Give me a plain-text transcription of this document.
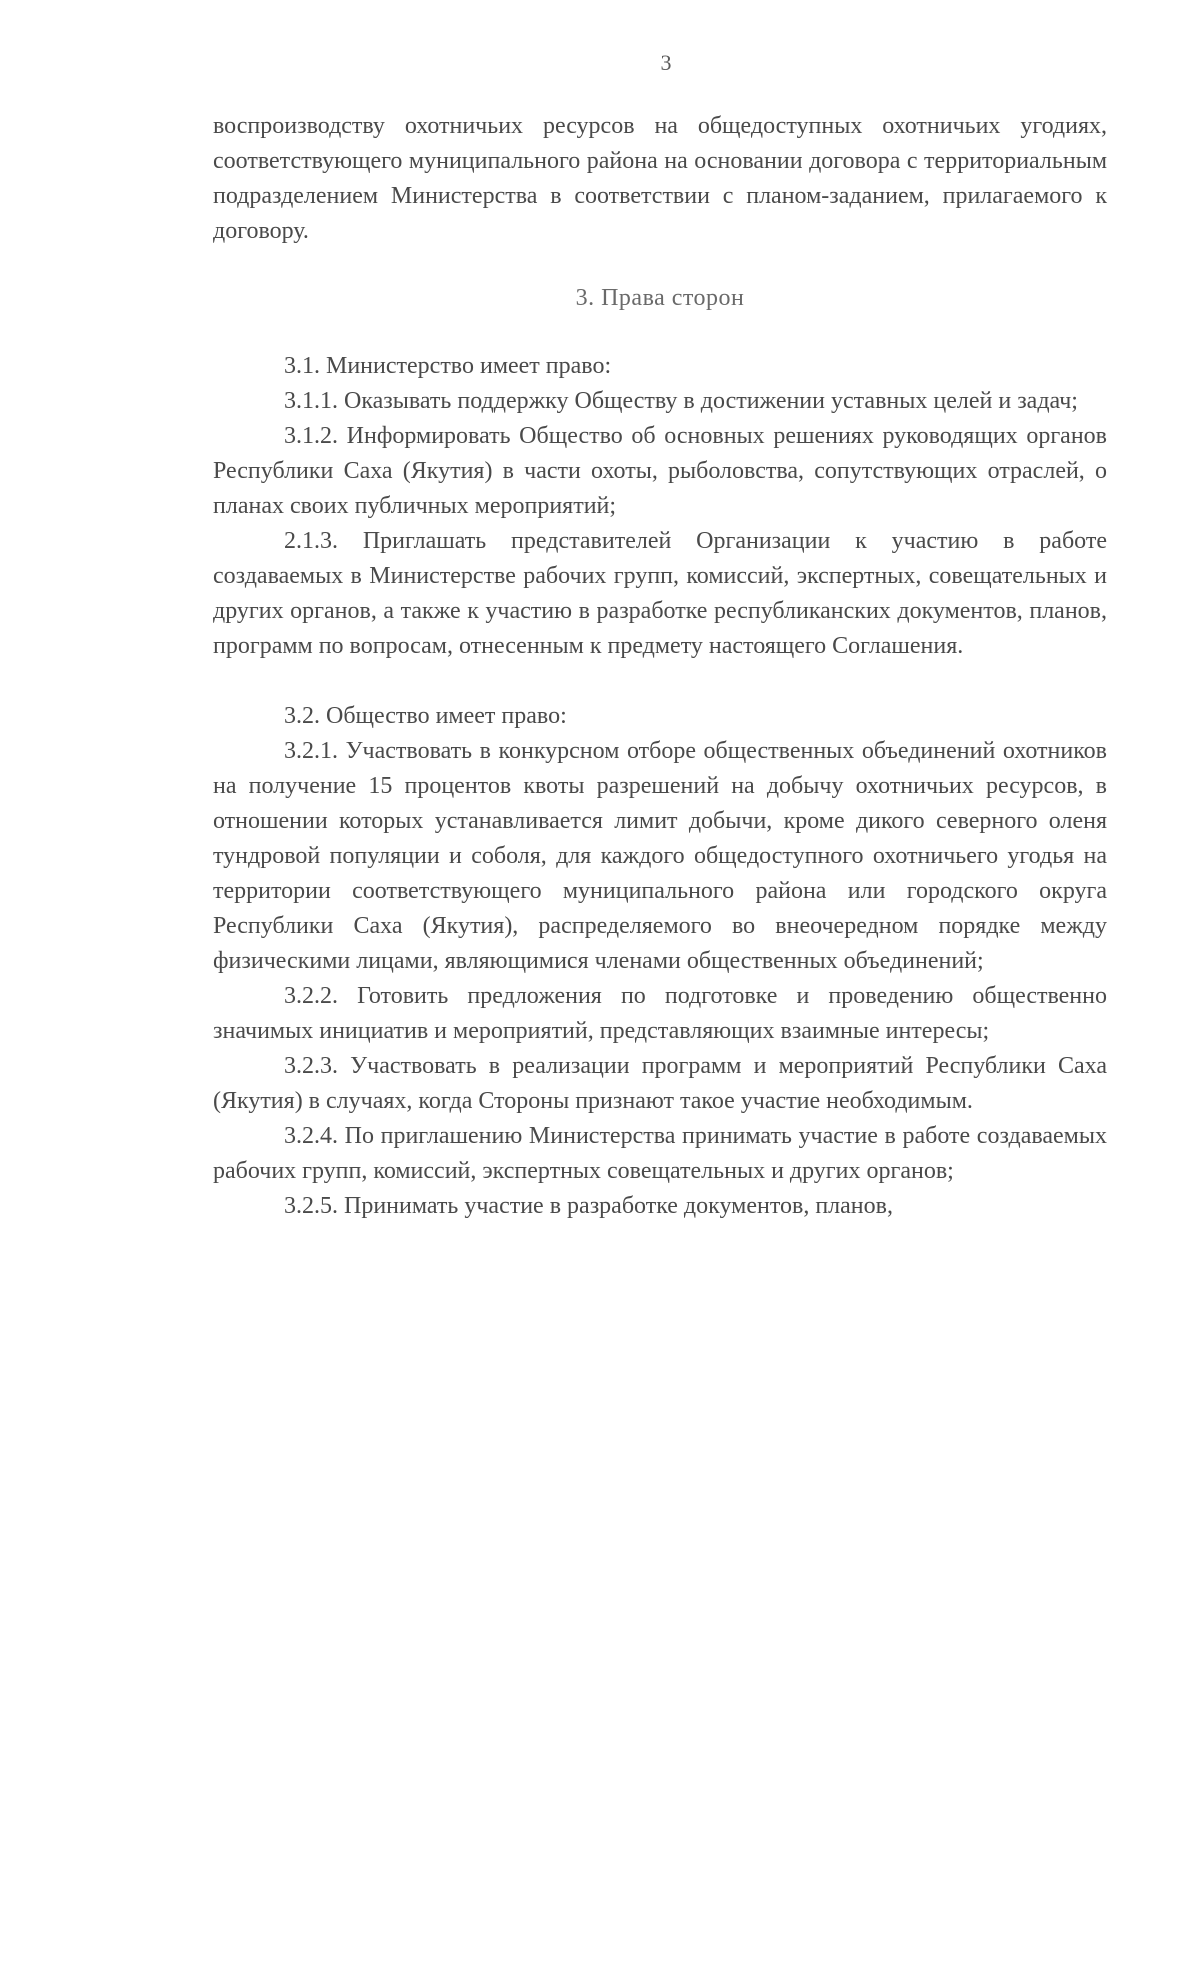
3

воспроизводству охотничьих ресурсов на общедоступных охотничьих угодиях, соответствующего муниципального района на основании договора с территориальным подразделением Министерства в соответствии с планом-заданием, прилагаемого к договору.

3. Права сторон

3.1. Министерство имеет право:

3.1.1. Оказывать поддержку Обществу в достижении уставных целей и задач;

3.1.2. Информировать Общество об основных решениях руководящих органов Республики Саха (Якутия) в части охоты, рыболовства, сопутствующих отраслей, о планах своих публичных мероприятий;

2.1.3. Приглашать представителей Организации к участию в работе создаваемых в Министерстве рабочих групп, комиссий, экспертных, совещательных и других органов, а также к участию в разработке республиканских документов, планов, программ по вопросам, отнесенным к предмету настоящего Соглашения.

3.2. Общество имеет право:

3.2.1. Участвовать в конкурсном отборе общественных объединений охотников на получение 15 процентов квоты разрешений на добычу охотничьих ресурсов, в отношении которых устанавливается лимит добычи, кроме дикого северного оленя тундровой популяции и соболя, для каждого общедоступного охотничьего угодья на территории соответствующего муниципального района или городского округа Республики Саха (Якутия), распределяемого во внеочередном порядке между физическими лицами, являющимися членами общественных объединений;

3.2.2. Готовить предложения по подготовке и проведению общественно значимых инициатив и мероприятий, представляющих взаимные интересы;

3.2.3. Участвовать в реализации программ и мероприятий Республики Саха (Якутия) в случаях, когда Стороны признают такое участие необходимым.

3.2.4. По приглашению Министерства принимать участие в работе создаваемых рабочих групп, комиссий, экспертных совещательных и других органов;

3.2.5. Принимать участие в разработке документов, планов,
